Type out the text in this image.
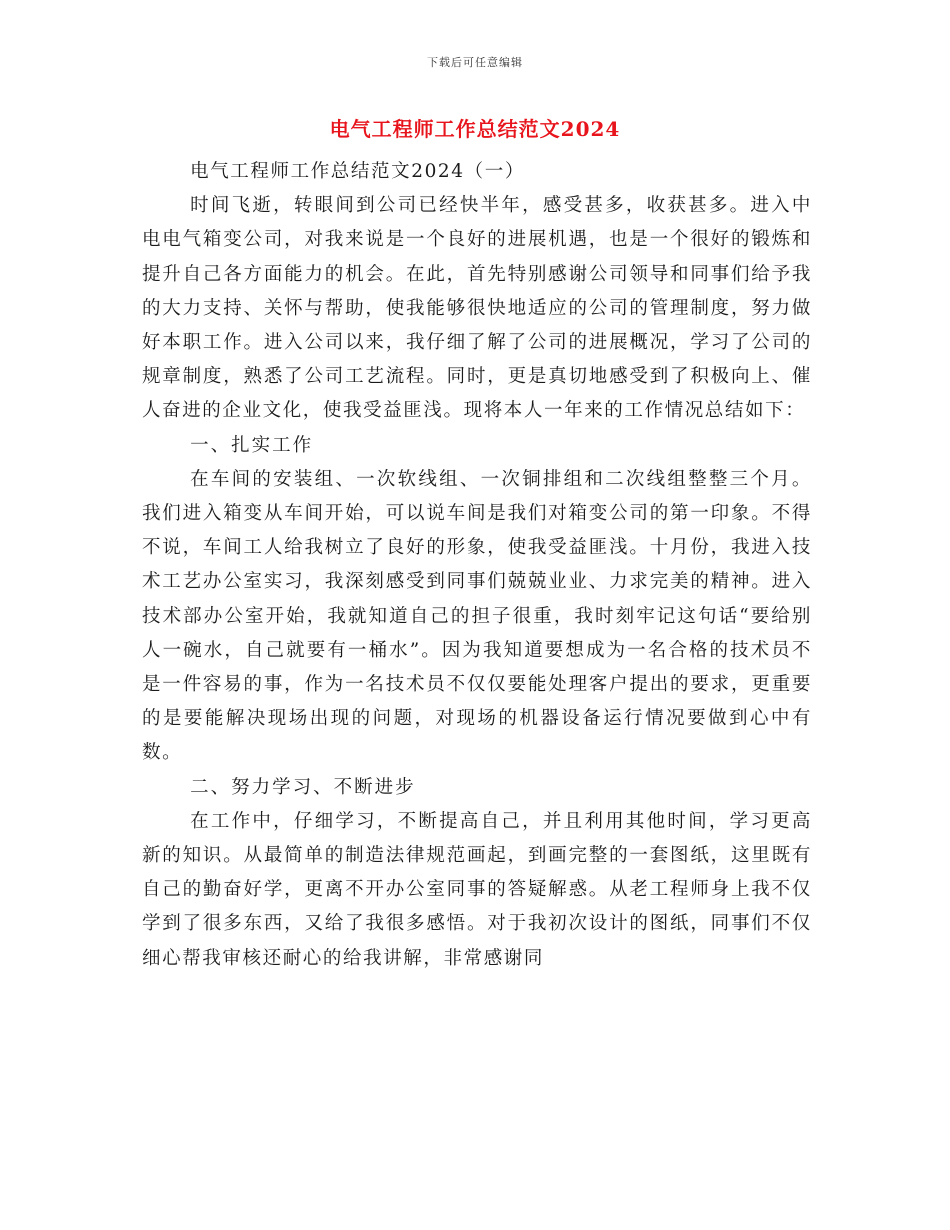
下载后可任意编辑
电气工程师工作总结范文2024

电气工程师工作总结范文2024（一）

时间飞逝，转眼间到公司已经快半年，感受甚多，收获甚多。进入中电电气箱变公司，对我来说是一个良好的进展机遇，也是一个很好的锻炼和提升自己各方面能力的机会。在此，首先特别感谢公司领导和同事们给予我的大力支持、关怀与帮助，使我能够很快地适应的公司的管理制度，努力做好本职工作。进入公司以来，我仔细了解了公司的进展概况，学习了公司的规章制度，熟悉了公司工艺流程。同时，更是真切地感受到了积极向上、催人奋进的企业文化，使我受益匪浅。现将本人一年来的工作情况总结如下：

一、扎实工作

在车间的安装组、一次软线组、一次铜排组和二次线组整整三个月。我们进入箱变从车间开始，可以说车间是我们对箱变公司的第一印象。不得不说，车间工人给我树立了良好的形象，使我受益匪浅。十月份，我进入技术工艺办公室实习，我深刻感受到同事们兢兢业业、力求完美的精神。进入技术部办公室开始，我就知道自己的担子很重，我时刻牢记这句话“要给别人一碗水，自己就要有一桶水”。因为我知道要想成为一名合格的技术员不是一件容易的事，作为一名技术员不仅仅要能处理客户提出的要求，更重要的是要能解决现场出现的问题，对现场的机器设备运行情况要做到心中有数。

二、努力学习、不断进步

在工作中，仔细学习，不断提高自己，并且利用其他时间，学习更高新的知识。从最简单的制造法律规范画起，到画完整的一套图纸，这里既有自己的勤奋好学，更离不开办公室同事的答疑解惑。从老工程师身上我不仅学到了很多东西，又给了我很多感悟。对于我初次设计的图纸，同事们不仅细心帮我审核还耐心的给我讲解，非常感谢同
